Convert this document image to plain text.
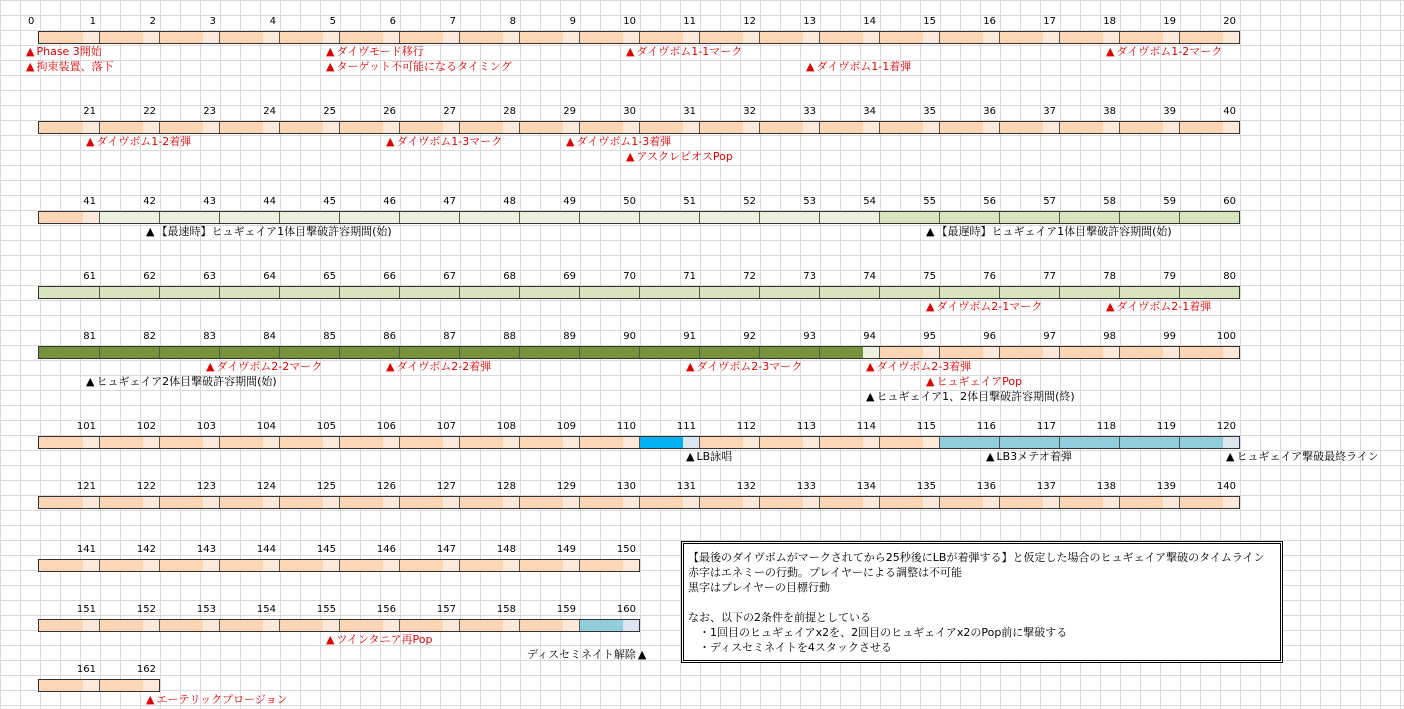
0	1	2	3	4	5	6	7	8	9	10	11	12	13	14	15	16	17	18	19	20
21	22	23	24	25	26	27	28	29	30	31	32	33	34	35	36	37	38	39	40
41	42	43	44	45	46	47	48	49	50	51	52	53	54	55	56	57	58	59	60
61	62	63	64	65	66	67	68	69	70	71	72	73	74	75	76	77	78	79	80
81	82	83	84	85	86	87	88	89	90	91	92	93	94	95	96	97	98	99	100
101	102	103	104	105	106	107	108	109	110	111	112	113	114	115	116	117	118	119	120
121	122	123	124	125	126	127	128	129	130	131	132	133	134	135	136	137	138	139	140
141	142	143	144	145	146	147	148	149	150
151	152	153	154	155	156	157	158	159	160
161	162
▲ Phase 3開始
▲ 拘束装置、落下
▲ ダイヴモード移行
▲ ターゲット不可能になるタイミング
▲ ダイヴボム1-1マーク
▲ ダイヴボム1-1着弾
▲ ダイヴボム1-2マーク
▲ ダイヴボム1-2着弾	▲ ダイヴボム1-3マーク	▲ ダイヴボム1-3着弾
▲ アスクレピオスPop
▲ 【最速時】ヒュギェイア1体目撃破許容期間(始)	▲ 【最遅時】ヒュギェイア1体目撃破許容期間(始)
▲ ダイヴボム2-1マーク	▲ ダイヴボム2-1着弾
▲ ダイヴボム2-2マーク	▲ ダイヴボム2-2着弾	▲ ダイヴボム2-3マーク	▲ ダイヴボム2-3着弾
▲ ヒュギェイア2体目撃破許容期間(始)	▲ ヒュギェイアPop
▲ ヒュギェイア1、2体目撃破許容期間(終)
▲ LB詠唱	▲ LB3メテオ着弾	▲ ヒュギェイア撃破最終ライン
▲ ツインタニア再Pop
ディスセミネイト解除 ▲
▲ エーテリックプロージョン
【最後のダイヴボムがマークされてから25秒後にLBが着弾する】と仮定した場合のヒュギェイア撃破のタイムライン
赤字はエネミーの行動。プレイヤーによる調整は不可能
黒字はプレイヤーの目標行動
なお、以下の2条件を前提としている
　・1回目のヒュギェイアx2を、2回目のヒュギェイアx2のPop前に撃破する
　・ディスセミネイトを4スタックさせる
